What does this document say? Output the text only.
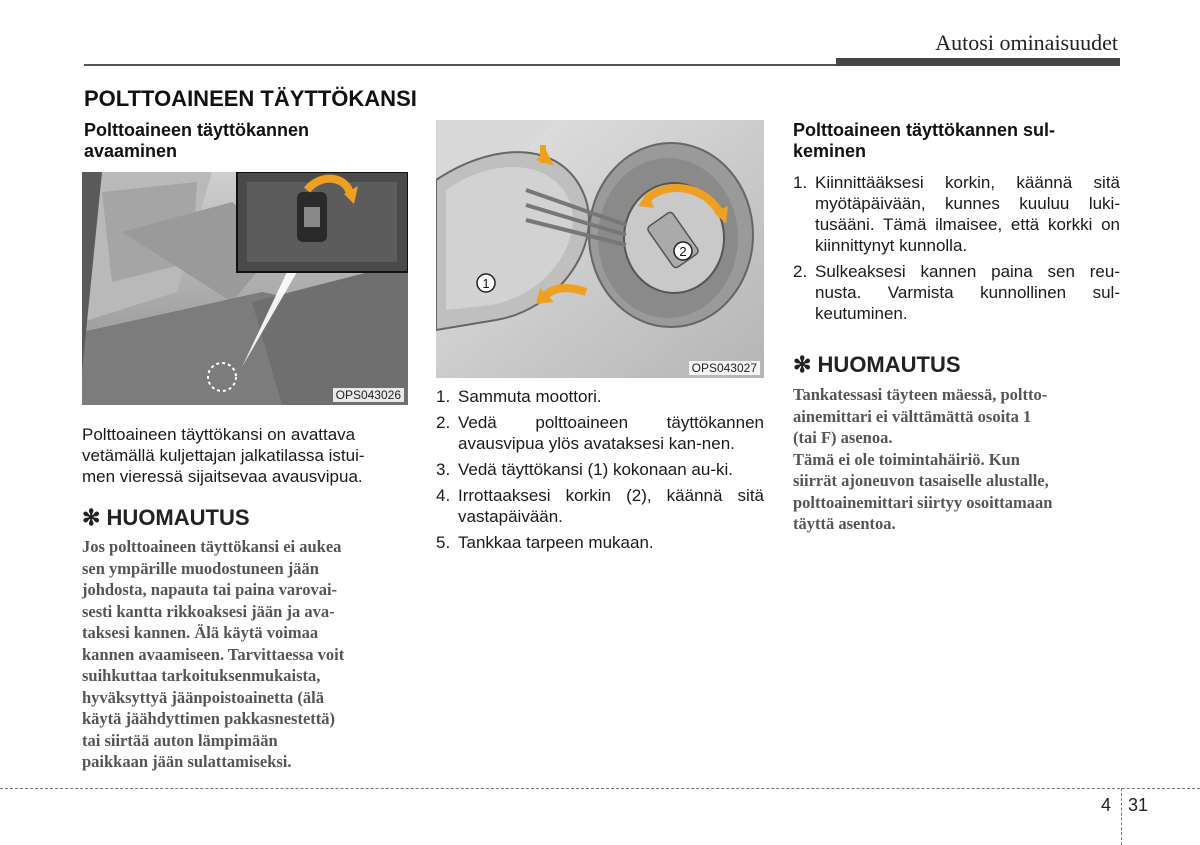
Autosi ominaisuudet
POLTTOAINEEN TÄYTTÖKANSI
Polttoaineen täyttökannen
avaaminen
OPS043026
Polttoaineen täyttökansi on avattava
vetämällä kuljettajan jalkatilassa istui-
men vieressä sijaitsevaa avausvipua.
✻ HUOMAUTUS
Jos polttoaineen täyttökansi ei aukea
sen ympärille muodostuneen jään
johdosta, napauta tai paina varovai-
sesti kantta rikkoaksesi jään ja ava-
taksesi kannen. Älä käytä voimaa
kannen avaamiseen. Tarvittaessa voit
suihkuttaa tarkoituksenmukaista,
hyväksyttyä jäänpoistoainetta (älä
käytä jäähdyttimen pakkasnestettä)
tai siirtää auton lämpimään
paikkaan jään sulattamiseksi.
1
2
OPS043027
1. Sammuta moottori.
2. Vedä polttoaineen täyttökannen avausvipua ylös avataksesi kan-nen.
3. Vedä täyttökansi (1) kokonaan au-ki.
4. Irrottaaksesi korkin (2), käännä sitä vastapäivään.
5. Tankkaa tarpeen mukaan.
Polttoaineen täyttökannen sul-
keminen
1. Kiinnittääksesi korkin, käännä sitä myötäpäivään, kunnes kuuluu luki-tusääni. Tämä ilmaisee, että korkki on kiinnittynyt kunnolla.
2. Sulkeaksesi kannen paina sen reu-nusta. Varmista kunnollinen sul-keutuminen.
✻ HUOMAUTUS
Tankatessasi täyteen mäessä, poltto-
ainemittari ei välttämättä osoita 1
(tai F) asenoa.
Tämä ei ole toimintahäiriö. Kun
siirrät ajoneuvon tasaiselle alustalle,
polttoainemittari siirtyy osoittamaan
täyttä asentoa.
4 31
